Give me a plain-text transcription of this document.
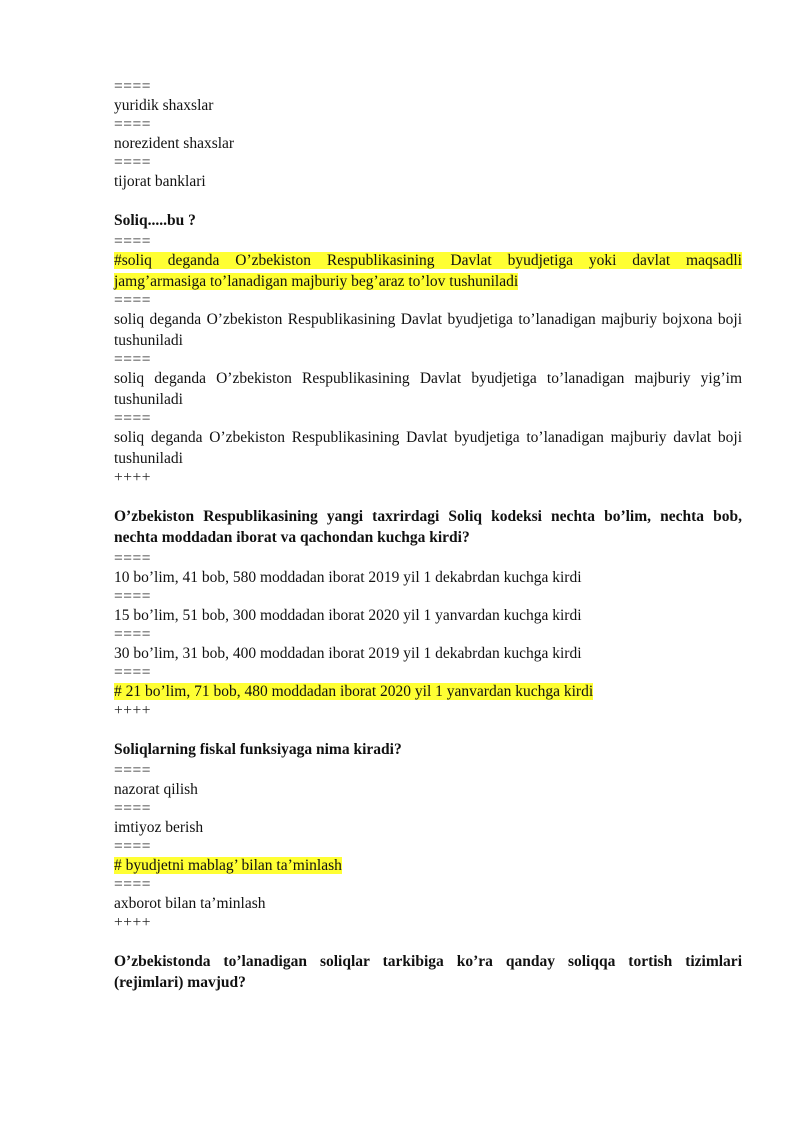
====
yuridik shaxslar
====
norezident shaxslar
====
tijorat banklari
Soliq.....bu ?
====
#soliq deganda O’zbekiston Respublikasining Davlat byudjetiga yoki davlat maqsadli jamg’armasiga to’lanadigan majburiy beg’araz to’lov tushuniladi
====
soliq deganda O’zbekiston Respublikasining Davlat byudjetiga to’lanadigan majburiy bojxona boji tushuniladi
====
soliq deganda O’zbekiston Respublikasining Davlat byudjetiga to’lanadigan majburiy yig’im tushuniladi
====
soliq deganda O’zbekiston Respublikasining Davlat byudjetiga to’lanadigan majburiy davlat boji tushuniladi
++++
O’zbekiston Respublikasining yangi taxrirdagi Soliq kodeksi nechta bo’lim, nechta bob, nechta moddadan iborat va qachondan kuchga kirdi?
====
10 bo’lim, 41 bob, 580 moddadan iborat 2019 yil 1 dekabrdan kuchga kirdi
====
15 bo’lim, 51 bob, 300 moddadan iborat 2020 yil 1 yanvardan kuchga kirdi
====
30 bo’lim, 31 bob, 400 moddadan iborat 2019 yil 1 dekabrdan kuchga kirdi
====
# 21 bo’lim, 71 bob, 480 moddadan iborat 2020 yil 1 yanvardan kuchga kirdi
++++
Soliqlarning fiskal funksiyaga nima kiradi?
====
nazorat qilish
====
imtiyoz berish
====
# byudjetni mablag’ bilan ta’minlash
====
axborot bilan ta’minlash
++++
O’zbekistonda to’lanadigan soliqlar tarkibiga ko’ra qanday soliqqa tortish tizimlari (rejimlari) mavjud?
